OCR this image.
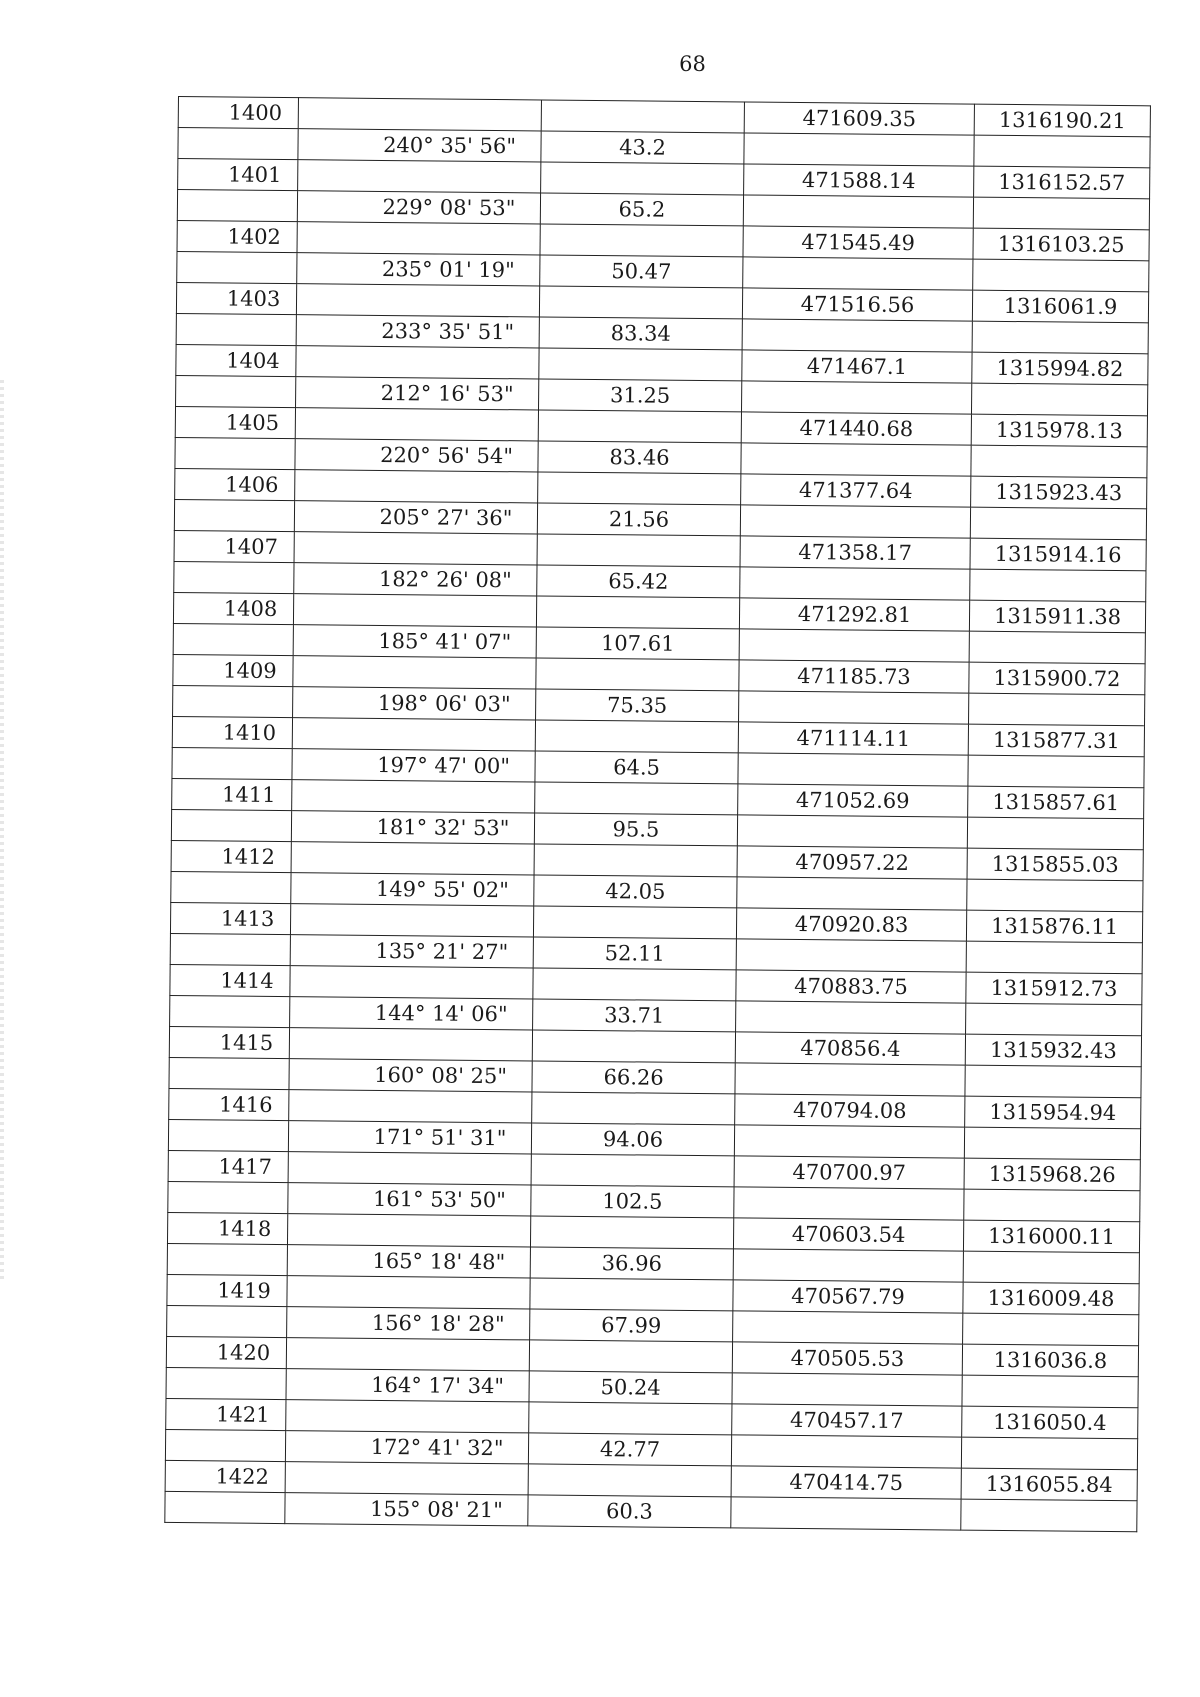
68
1400			471609.35	1316190.21
	240° 35' 56"	43.2		
1401			471588.14	1316152.57
	229° 08' 53"	65.2		
1402			471545.49	1316103.25
	235° 01' 19"	50.47		
1403			471516.56	1316061.9
	233° 35' 51"	83.34		
1404			471467.1	1315994.82
	212° 16' 53"	31.25		
1405			471440.68	1315978.13
	220° 56' 54"	83.46		
1406			471377.64	1315923.43
	205° 27' 36"	21.56		
1407			471358.17	1315914.16
	182° 26' 08"	65.42		
1408			471292.81	1315911.38
	185° 41' 07"	107.61		
1409			471185.73	1315900.72
	198° 06' 03"	75.35		
1410			471114.11	1315877.31
	197° 47' 00"	64.5		
1411			471052.69	1315857.61
	181° 32' 53"	95.5		
1412			470957.22	1315855.03
	149° 55' 02"	42.05		
1413			470920.83	1315876.11
	135° 21' 27"	52.11		
1414			470883.75	1315912.73
	144° 14' 06"	33.71		
1415			470856.4	1315932.43
	160° 08' 25"	66.26		
1416			470794.08	1315954.94
	171° 51' 31"	94.06		
1417			470700.97	1315968.26
	161° 53' 50"	102.5		
1418			470603.54	1316000.11
	165° 18' 48"	36.96		
1419			470567.79	1316009.48
	156° 18' 28"	67.99		
1420			470505.53	1316036.8
	164° 17' 34"	50.24		
1421			470457.17	1316050.4
	172° 41' 32"	42.77		
1422			470414.75	1316055.84
	155° 08' 21"	60.3		
